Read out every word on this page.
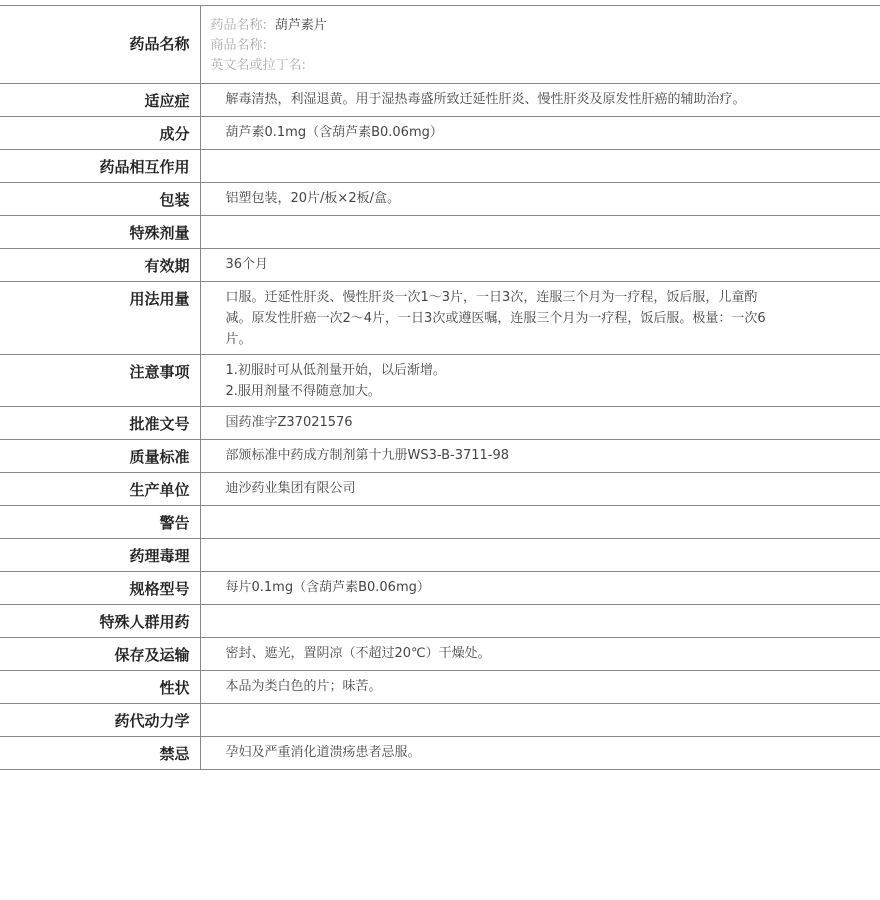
药品名称	药品名称: 葫芦素片
商品名称:
英文名或拉丁名:

适应症	解毒清热，利湿退黄。用于湿热毒盛所致迁延性肝炎、慢性肝炎及原发性肝癌的辅助治疗。

成分	葫芦素0.1mg（含葫芦素B0.06mg）

药品相互作用	

包装	铝塑包装，20片/板×2板/盒。

特殊剂量	

有效期	36个月

用法用量	口服。迁延性肝炎、慢性肝炎一次1～3片，一日3次，连服三个月为一疗程，饭后服，儿童酌减。原发性肝癌一次2～4片，一日3次或遵医嘱，连服三个月为一疗程，饭后服。极量：一次6片。

注意事项	1.初服时可从低剂量开始，以后渐增。
2.服用剂量不得随意加大。

批准文号	国药准字Z37021576

质量标准	部颁标准中药成方制剂第十九册WS3-B-3711-98

生产单位	迪沙药业集团有限公司

警告	

药理毒理	

规格型号	每片0.1mg（含葫芦素B0.06mg）

特殊人群用药	

保存及运输	密封、遮光，置阴凉（不超过20℃）干燥处。

性状	本品为类白色的片；味苦。

药代动力学	

禁忌	孕妇及严重消化道溃疡患者忌服。
